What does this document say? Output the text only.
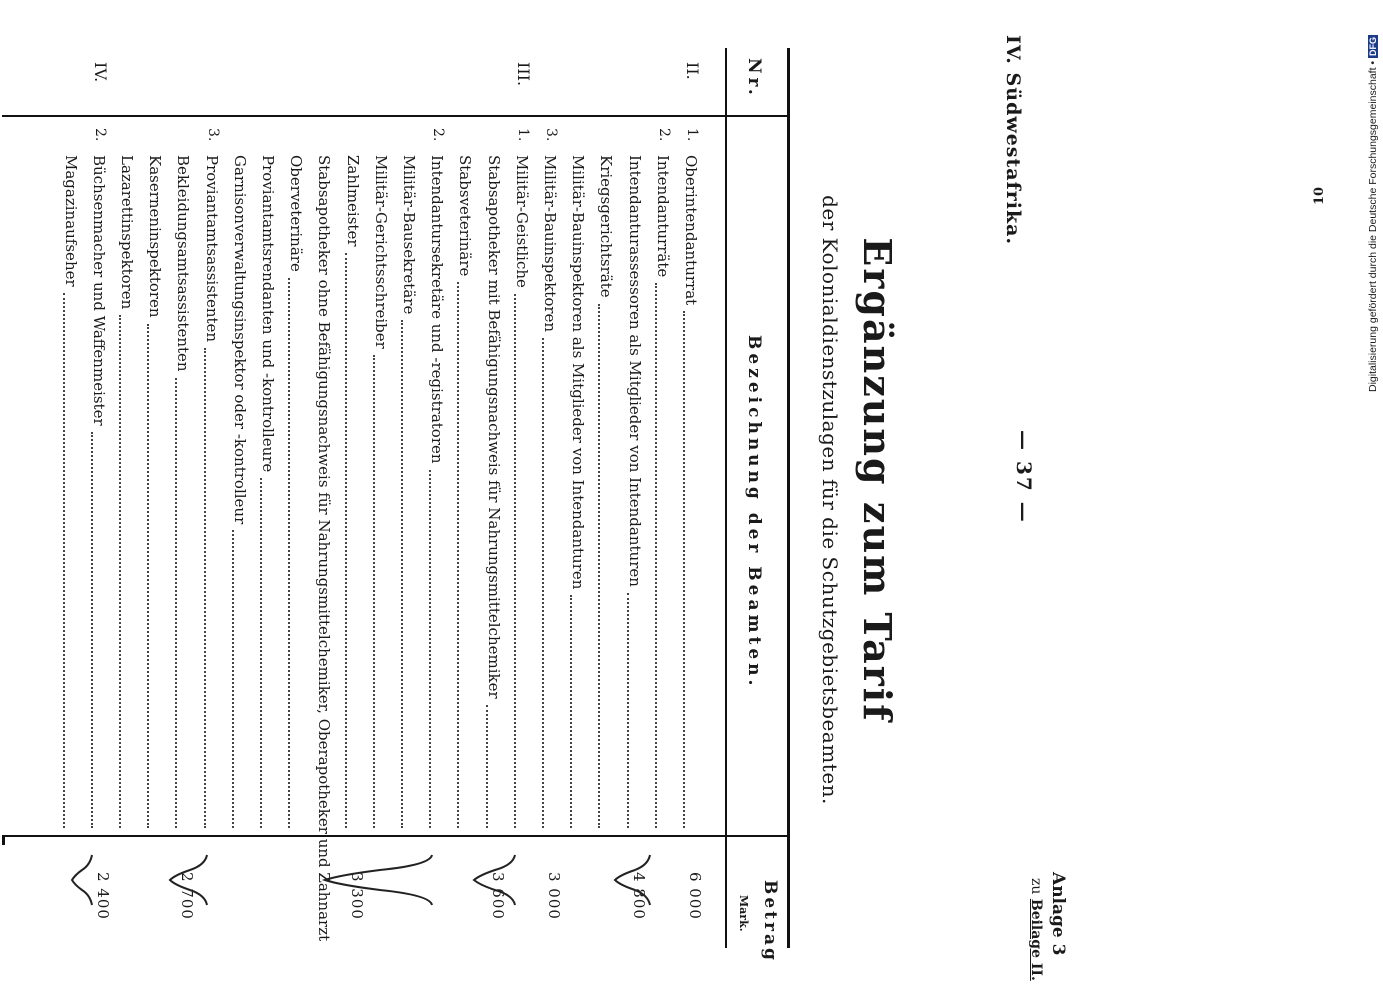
— 37 —
IV. Südwestafrika.
Anlage 3
zu Beilage II.
Ergänzung zum Tarif
der Kolonialdienstzulagen für die Schutzgebietsbeamten.
Nr.
Bezeichnung der Beamten.
Betrag
Mark.
II.
1.
Oberintendanturrat
6 000
2.
Intendanturräte
Intendanturassessoren als Mitglieder von Intendanturen
4 800
Kriegsgerichtsräte
Militär-Bauinspektoren als Mitglieder von Intendanturen
3.
Militär-Bauinspektoren
3 000
III.
1.
Militär-Geistliche
Stabsapotheker mit Befähigungsnachweis für Nahrungsmittelchemiker
3 600
Stabsveterinäre
2.
Intendantursekretäre und -registratoren
Militär-Bausekretäre
Militär-Gerichtsschreiber
Zahlmeister
3 300
Stabsapotheker ohne Befähigungsnachweis für Nahrungsmittelchemiker, Oberapotheker und Zahnarzt
Oberveterinäre
Proviantamtsrendanten und -kontrolleure
Garnisonverwaltungsinspektor oder -kontrolleur
3.
Proviantamtsassistenten
Bekleidungsamtsassistenten
2 700
Kaserneninspektoren
Lazarettinspektoren
IV.
2.
Büchsenmacher und Waffenmeister
2 400
Magazinaufseher	10	Digitalisierung gefördert durch die Deutsche Forschungsgemeinschaft • DFG
